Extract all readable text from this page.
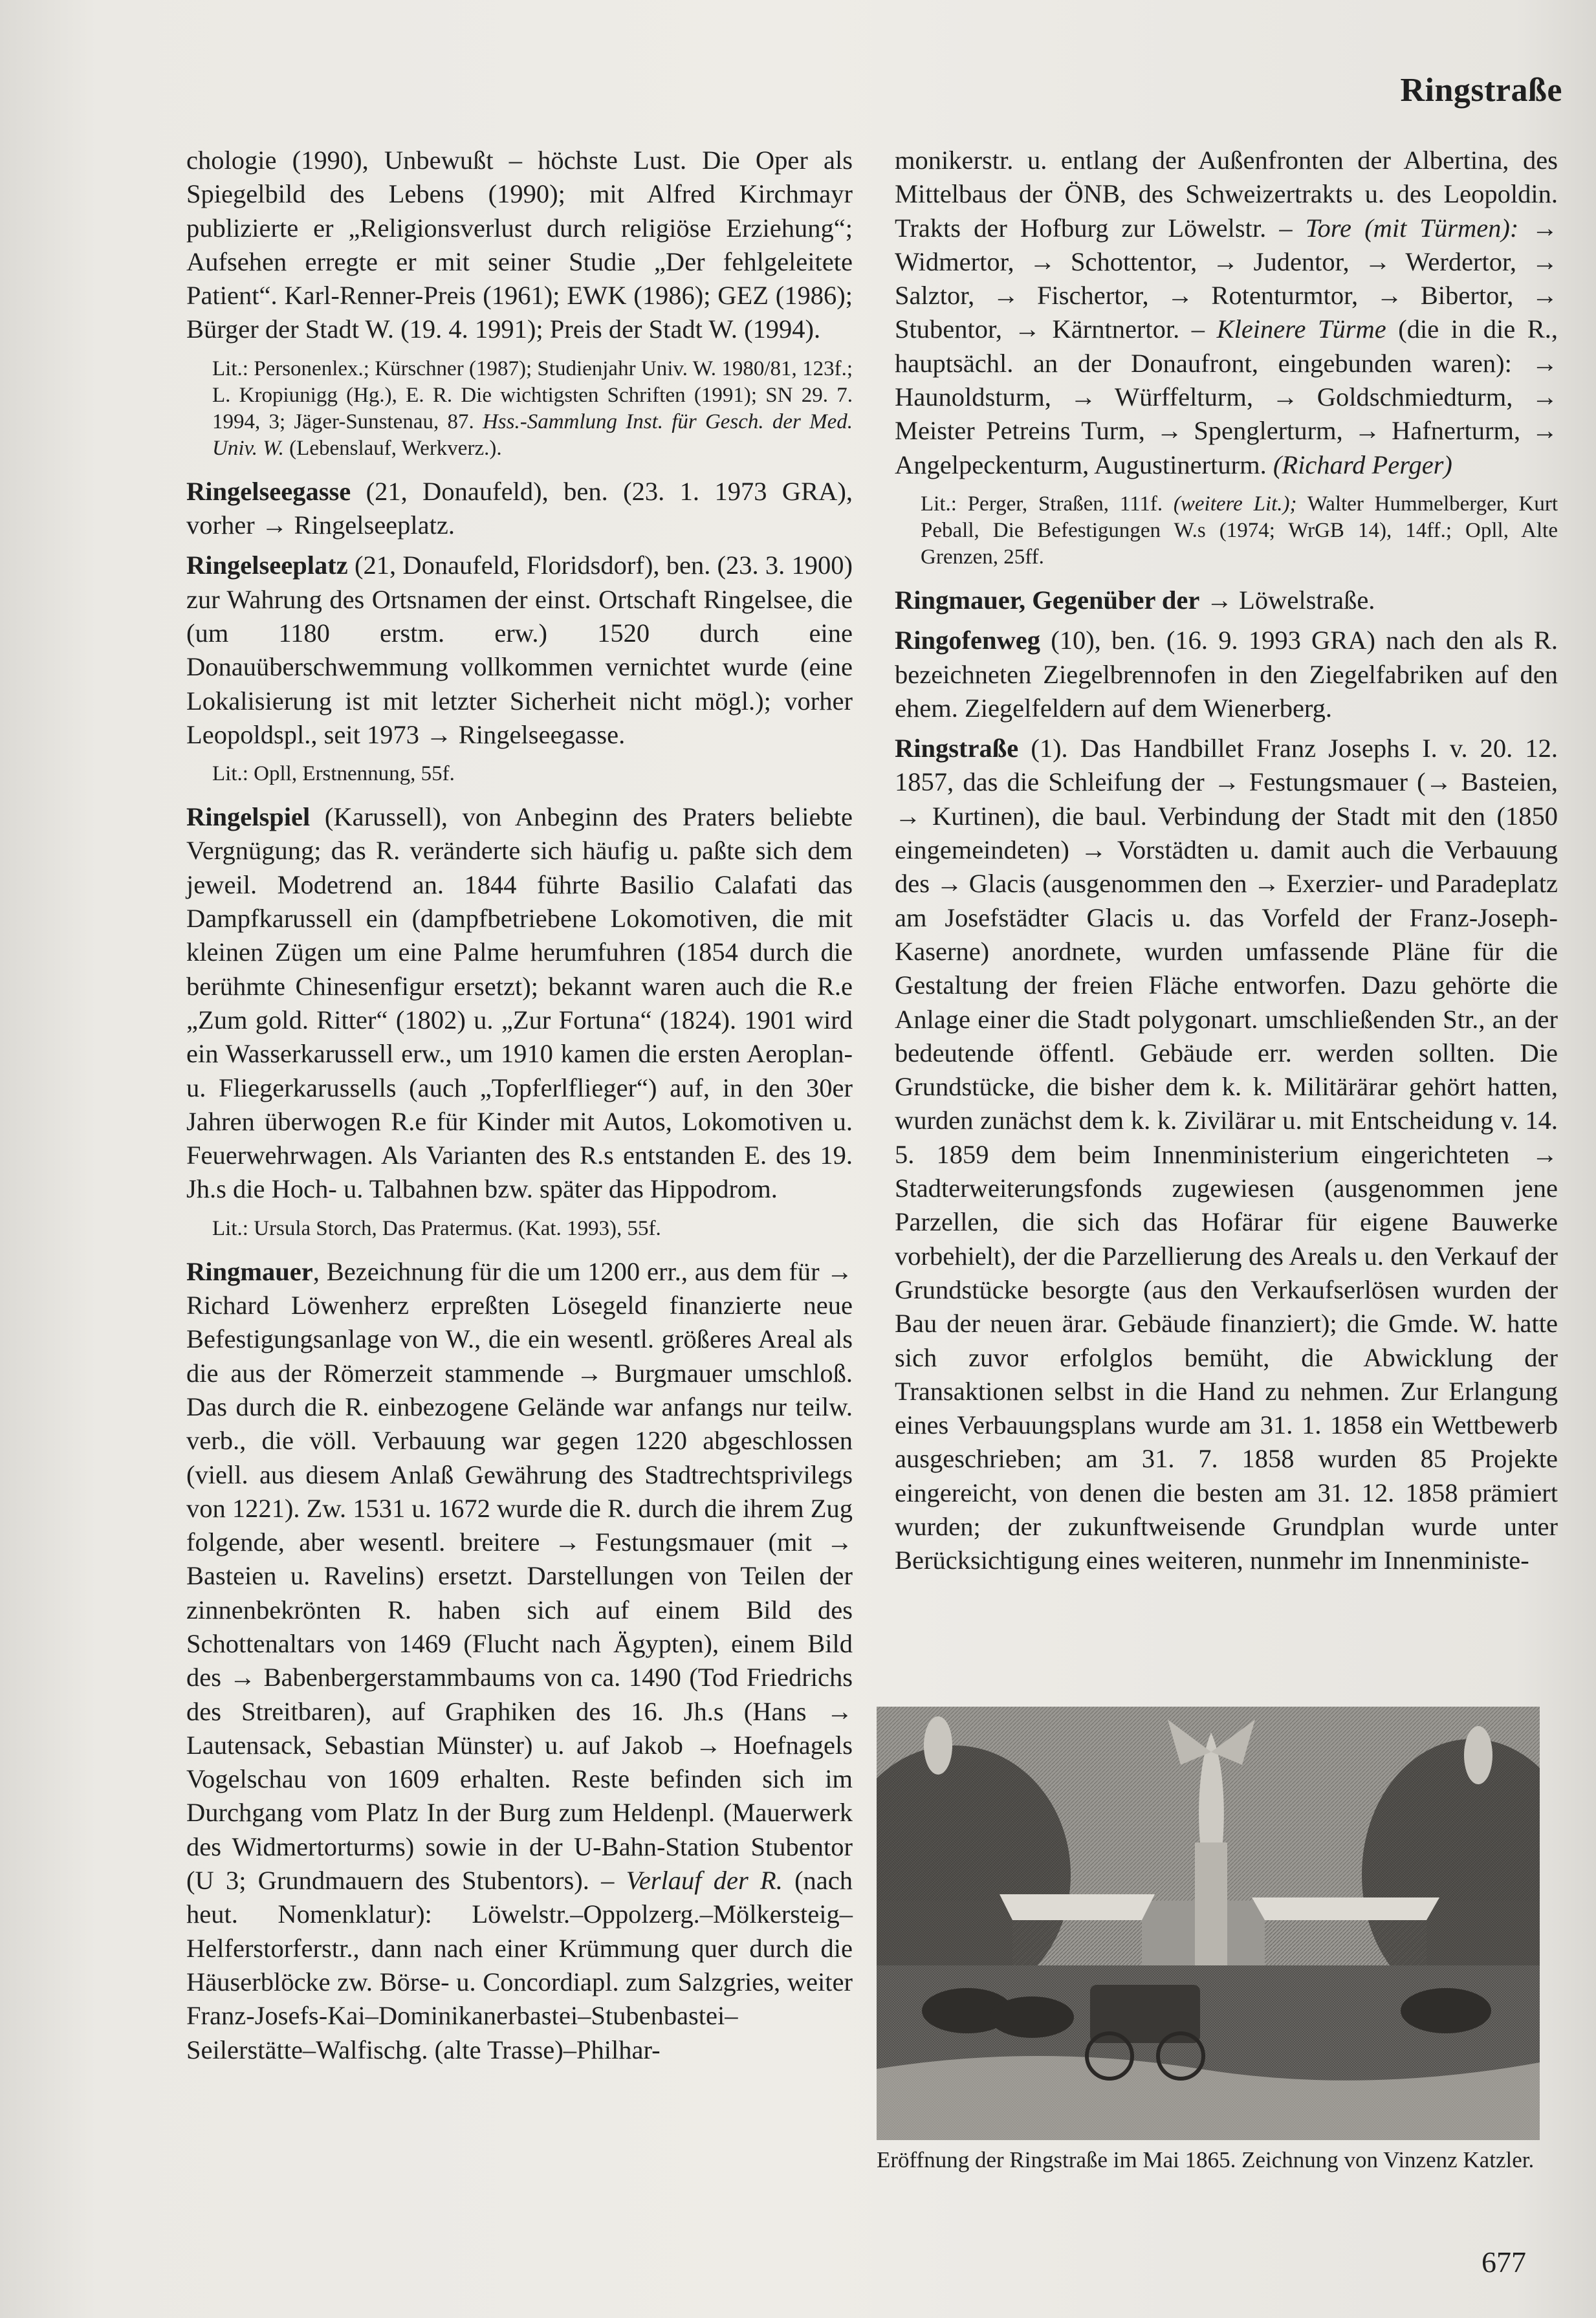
Ringstraße

chologie (1990), Unbewußt – höchste Lust. Die Oper als Spiegelbild des Lebens (1990); mit Alfred Kirchmayr publizierte er „Religionsverlust durch religiöse Erziehung“; Aufsehen erregte er mit seiner Studie „Der fehlgeleitete Patient“. Karl-Renner-Preis (1961); EWK (1986); GEZ (1986); Bürger der Stadt W. (19. 4. 1991); Preis der Stadt W. (1994).

Lit.: Personenlex.; Kürschner (1987); Studienjahr Univ. W. 1980/81, 123f.; L. Kropiunigg (Hg.), E. R. Die wichtigsten Schriften (1991); SN 29. 7. 1994, 3; Jäger-Sunstenau, 87. Hss.-Sammlung Inst. für Gesch. der Med. Univ. W. (Lebenslauf, Werkverz.).

Ringelseegasse (21, Donaufeld), ben. (23. 1. 1973 GRA), vorher → Ringelseeplatz.

Ringelseeplatz (21, Donaufeld, Floridsdorf), ben. (23. 3. 1900) zur Wahrung des Ortsnamen der einst. Ortschaft Ringelsee, die (um 1180 erstm. erw.) 1520 durch eine Donauüberschwemmung vollkommen vernichtet wurde (eine Lokalisierung ist mit letzter Sicherheit nicht mögl.); vorher Leopoldspl., seit 1973 → Ringelseegasse.

Lit.: Opll, Erstnennung, 55f.

Ringelspiel (Karussell), von Anbeginn des Praters beliebte Vergnügung; das R. veränderte sich häufig u. paßte sich dem jeweil. Modetrend an. 1844 führte Basilio Calafati das Dampfkarussell ein (dampfbetriebene Lokomotiven, die mit kleinen Zügen um eine Palme herumfuhren (1854 durch die berühmte Chinesenfigur ersetzt); bekannt waren auch die R.e „Zum gold. Ritter“ (1802) u. „Zur Fortuna“ (1824). 1901 wird ein Wasserkarussell erw., um 1910 kamen die ersten Aeroplan- u. Fliegerkarussells (auch „Topferlflieger“) auf, in den 30er Jahren überwogen R.e für Kinder mit Autos, Lokomotiven u. Feuerwehrwagen. Als Varianten des R.s entstanden E. des 19. Jh.s die Hoch- u. Talbahnen bzw. später das Hippodrom.

Lit.: Ursula Storch, Das Pratermus. (Kat. 1993), 55f.

Ringmauer, Bezeichnung für die um 1200 err., aus dem für → Richard Löwenherz erpreßten Lösegeld finanzierte neue Befestigungsanlage von W., die ein wesentl. größeres Areal als die aus der Römerzeit stammende → Burgmauer umschloß. Das durch die R. einbezogene Gelände war anfangs nur teilw. verb., die völl. Verbauung war gegen 1220 abgeschlossen (viell. aus diesem Anlaß Gewährung des Stadtrechtsprivilegs von 1221). Zw. 1531 u. 1672 wurde die R. durch die ihrem Zug folgende, aber wesentl. breitere → Festungsmauer (mit → Basteien u. Ravelins) ersetzt. Darstellungen von Teilen der zinnenbekrönten R. haben sich auf einem Bild des Schottenaltars von 1469 (Flucht nach Ägypten), einem Bild des → Babenbergerstammbaums von ca. 1490 (Tod Friedrichs des Streitbaren), auf Graphiken des 16. Jh.s (Hans → Lautensack, Sebastian Münster) u. auf Jakob → Hoefnagels Vogelschau von 1609 erhalten. Reste befinden sich im Durchgang vom Platz In der Burg zum Heldenpl. (Mauerwerk des Widmertorturms) sowie in der U-Bahn-Station Stubentor (U 3; Grundmauern des Stubentors). – Verlauf der R. (nach heut. Nomenklatur): Löwelstr.–Oppolzerg.–Mölkersteig–Helferstorferstr., dann nach einer Krümmung quer durch die Häuserblöcke zw. Börse- u. Concordiapl. zum Salzgries, weiter Franz-Josefs-Kai–Dominikanerbastei–Stubenbastei–Seilerstätte–Walfischg. (alte Trasse)–Philhar-

monikerstr. u. entlang der Außenfronten der Albertina, des Mittelbaus der ÖNB, des Schweizertrakts u. des Leopoldin. Trakts der Hofburg zur Löwelstr. – Tore (mit Türmen): → Widmertor, → Schottentor, → Judentor, → Werdertor, → Salztor, → Fischertor, → Rotenturmtor, → Bibertor, → Stubentor, → Kärntnertor. – Kleinere Türme (die in die R., hauptsächl. an der Donaufront, eingebunden waren): → Haunoldsturm, → Würffelturm, → Goldschmiedturm, → Meister Petreins Turm, → Spenglerturm, → Hafnerturm, → Angelpeckenturm, Augustinerturm. (Richard Perger)

Lit.: Perger, Straßen, 111f. (weitere Lit.); Walter Hummelberger, Kurt Peball, Die Befestigungen W.s (1974; WrGB 14), 14ff.; Opll, Alte Grenzen, 25ff.

Ringmauer, Gegenüber der → Löwelstraße.

Ringofenweg (10), ben. (16. 9. 1993 GRA) nach den als R. bezeichneten Ziegelbrennofen in den Ziegelfabriken auf den ehem. Ziegelfeldern auf dem Wienerberg.

Ringstraße (1). Das Handbillet Franz Josephs I. v. 20. 12. 1857, das die Schleifung der → Festungsmauer (→ Basteien, → Kurtinen), die baul. Verbindung der Stadt mit den (1850 eingemeindeten) → Vorstädten u. damit auch die Verbauung des → Glacis (ausgenommen den → Exerzier- und Paradeplatz am Josefstädter Glacis u. das Vorfeld der Franz-Joseph-Kaserne) anordnete, wurden umfassende Pläne für die Gestaltung der freien Fläche entworfen. Dazu gehörte die Anlage einer die Stadt polygonart. umschließenden Str., an der bedeutende öffentl. Gebäude err. werden sollten. Die Grundstücke, die bisher dem k. k. Militärärar gehört hatten, wurden zunächst dem k. k. Zivilärar u. mit Entscheidung v. 14. 5. 1859 dem beim Innenministerium eingerichteten → Stadterweiterungsfonds zugewiesen (ausgenommen jene Parzellen, die sich das Hofärar für eigene Bauwerke vorbehielt), der die Parzellierung des Areals u. den Verkauf der Grundstücke besorgte (aus den Verkaufserlösen wurden der Bau der neuen ärar. Gebäude finanziert); die Gmde. W. hatte sich zuvor erfolglos bemüht, die Abwicklung der Transaktionen selbst in die Hand zu nehmen. Zur Erlangung eines Verbauungsplans wurde am 31. 1. 1858 ein Wettbewerb ausgeschrieben; am 31. 7. 1858 wurden 85 Projekte eingereicht, von denen die besten am 31. 12. 1858 prämiert wurden; der zukunftweisende Grundplan wurde unter Berücksichtigung eines weiteren, nunmehr im Innenministe-

Eröffnung der Ringstraße im Mai 1865. Zeichnung von Vinzenz Katzler.
677
